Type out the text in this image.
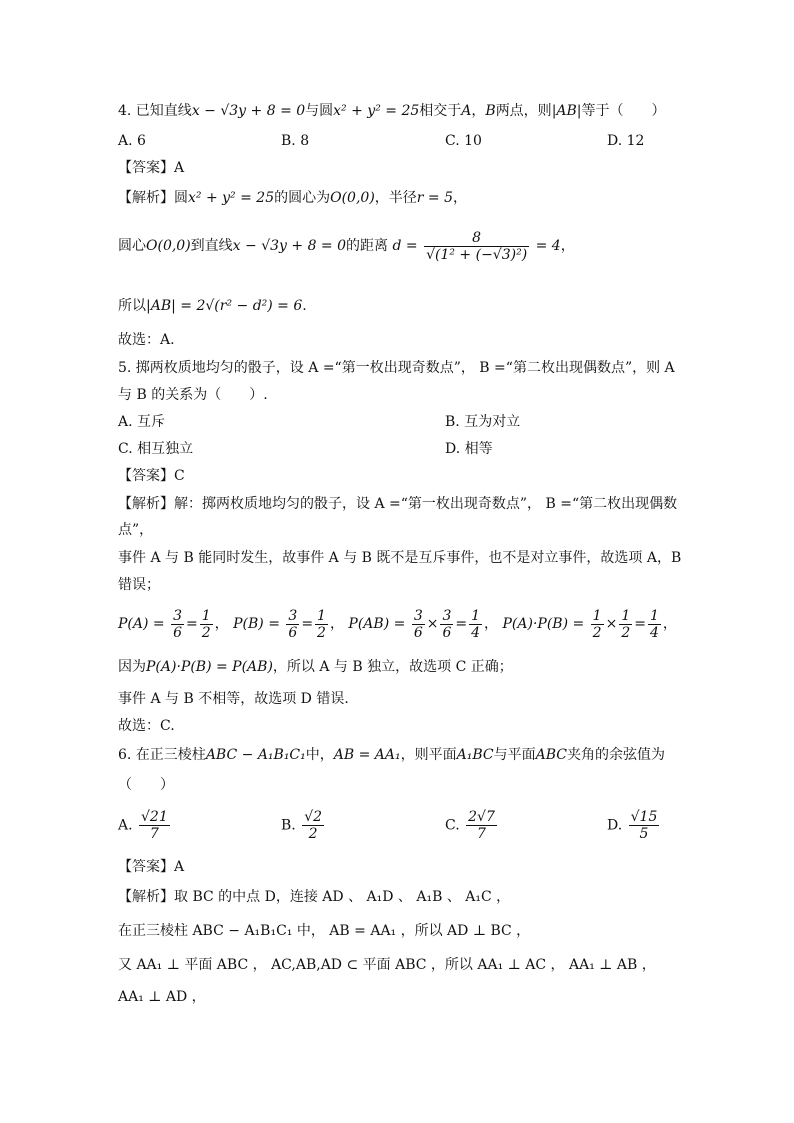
4. 已知直线x − √3y + 8 = 0与圆x² + y² = 25相交于A，B两点，则|AB|等于（　　）
A. 6	B. 8	C. 10	D. 12
【答案】A
【解析】圆x² + y² = 25的圆心为O(0,0)，半径r = 5，
圆心O(0,0)到直线x − √3y + 8 = 0的距离 $d = \frac{8}{\text{√(1² + (−√3)²)}} = 4$，
所以|AB| = 2√(r² − d²) = 6.
故选：A.
5. 掷两枚质地均匀的骰子，设 A =“第一枚出现奇数点”， B =“第二枚出现偶数点”，则 A
与 B 的关系为（　　）.
A. 互斥	B. 互为对立
C. 相互独立	D. 相等
【答案】C
【解析】解：掷两枚质地均匀的骰子，设 A =“第一枚出现奇数点”， B =“第二枚出现偶数
点”，
事件 A 与 B 能同时发生，故事件 A 与 B 既不是互斥事件，也不是对立事件，故选项 A，B
错误；
$P(A) = \frac{3}{6} = \frac{1}{2}$ ， $P(B) = \frac{3}{6} = \frac{1}{2}$ ， $P(AB) = \frac{3}{6} \times \frac{3}{6} = \frac{1}{4}$ ， $P(A)\cdot P(B) = \frac{1}{2} \times \frac{1}{2} = \frac{1}{4}$ ，
因为P(A)·P(B) = P(AB)，所以 A 与 B 独立，故选项 C 正确；
事件 A 与 B 不相等，故选项 D 错误.
故选：C.
6. 在正三棱柱ABC − A₁B₁C₁中，AB = AA₁，则平面A₁BC与平面ABC夹角的余弦值为
（　　）
A. $\frac{√21}{7}$	B. $\frac{√2}{2}$	C. $\frac{2√7}{7}$	D. $\frac{√15}{5}$
【答案】A
【解析】取 BC 的中点 D，连接 AD 、 A₁D 、 A₁B 、 A₁C ，
在正三棱柱 ABC − A₁B₁C₁ 中， AB = AA₁ ，所以 AD ⊥ BC ，
又 AA₁ ⊥ 平面 ABC ， AC,AB,AD ⊂ 平面 ABC ，所以 AA₁ ⊥ AC ， AA₁ ⊥ AB ，
AA₁ ⊥ AD ，
